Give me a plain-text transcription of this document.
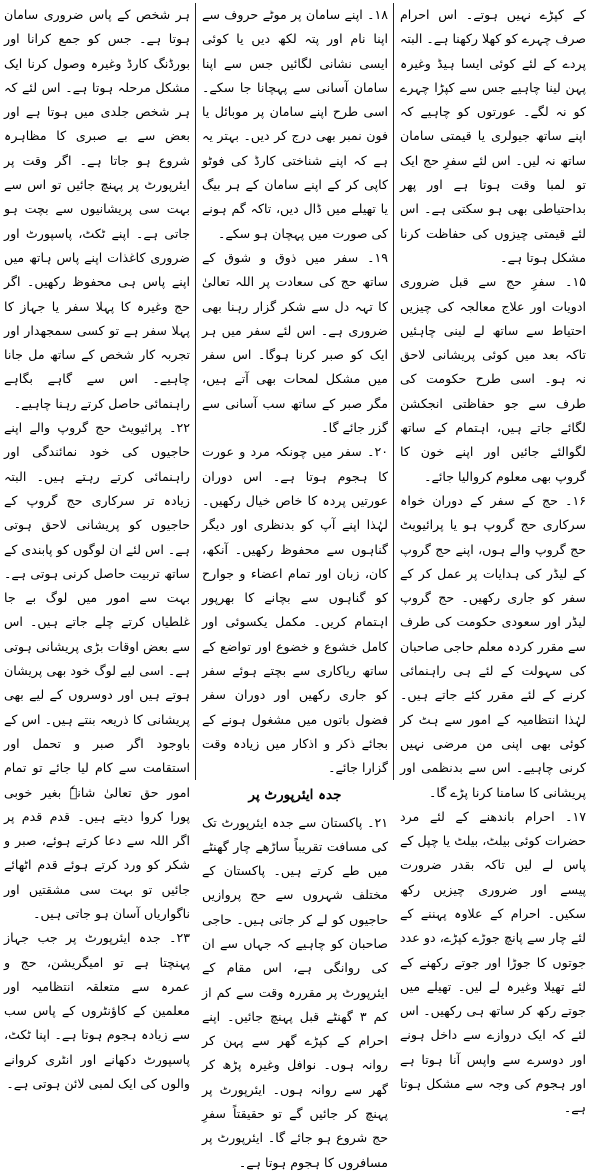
کے کپڑے نہیں ہوتے۔ اس احرام صرف چہرے کو کھلا رکھنا ہے۔ البتہ پردے کے لئے کوئی ایسا ہیڈ وغیرہ پہن لینا چاہیے جس سے کپڑا چہرے کو نہ لگے۔ عورتوں کو چاہیے کہ اپنے ساتھ جیولری یا قیمتی سامان ساتھ نہ لیں۔ اس لئے سفرِ حج ایک تو لمبا وقت ہوتا ہے اور پھر بداحتیاطی بھی ہو سکتی ہے۔ اس لئے قیمتی چیزوں کی حفاظت کرنا مشکل ہوتا ہے۔

۱۵۔ سفرِ حج سے قبل ضروری ادویات اور علاج معالجہ کی چیزیں احتیاط سے ساتھ لے لینی چاہئیں تاکہ بعد میں کوئی پریشانی لاحق نہ ہو۔ اسی طرح حکومت کی طرف سے جو حفاظتی انجکشن لگائے جاتے ہیں، اہتمام کے ساتھ لگوالئے جائیں اور اپنے خون کا گروپ بھی معلوم کروالیا جائے۔

۱۶۔ حج کے سفر کے دوران خواہ سرکاری حج گروپ ہو یا پرائیویٹ حج گروپ والے ہوں، اپنے حج گروپ کے لیڈر کی ہدایات پر عمل کر کے سفر کو جاری رکھیں۔ حج گروپ لیڈر اور سعودی حکومت کی طرف سے مقرر کردہ معلم حاجی صاحبان کی سہولت کے لئے ہی راہنمائی کرنے کے لئے مقرر کئے جاتے ہیں۔ لہٰذا انتظامیہ کے امور سے ہٹ کر کوئی بھی اپنی من مرضی نہیں کرنی چاہیے۔ اس سے بدنظمی اور پریشانی کا سامنا کرنا پڑے گا۔

۱۷۔ احرام باندھنے کے لئے مرد حضرات کوئی بیلٹ، بیلٹ یا چپل کے پاس لے لیں تاکہ بقدر ضرورت پیسے اور ضروری چیزیں رکھ سکیں۔ احرام کے علاوہ پہننے کے لئے چار سے پانچ جوڑے کپڑے، دو عدد جوتوں کا جوڑا اور جوتے رکھنے کے لئے تھیلا وغیرہ لے لیں۔ تھیلے میں جوتے رکھ کر ساتھ ہی رکھیں۔ اس لئے کہ ایک دروازے سے داخل ہونے اور دوسرے سے واپس آنا ہوتا ہے اور ہجوم کی وجہ سے مشکل ہوتا ہے۔

۱۸۔ اپنے سامان پر موٹے حروف سے اپنا نام اور پتہ لکھ دیں یا کوئی ایسی نشانی لگائیں جس سے اپنا سامان آسانی سے پہچانا جا سکے۔ اسی طرح اپنے سامان پر موبائل یا فون نمبر بھی درج کر دیں۔ بہتر یہ ہے کہ اپنے شناختی کارڈ کی فوٹو کاپی کر کے اپنے سامان کے ہر بیگ یا تھیلے میں ڈال دیں، تاکہ گم ہونے کی صورت میں پہچان ہو سکے۔

۱۹۔ سفر میں ذوق و شوق کے ساتھ حج کی سعادت پر اللہ تعالیٰ کا تہہ دل سے شکر گزار رہنا بھی ضروری ہے۔ اس لئے سفر میں ہر ایک کو صبر کرنا ہوگا۔ اس سفر میں مشکل لمحات بھی آتے ہیں، مگر صبر کے ساتھ سب آسانی سے گزر جائے گا۔

۲۰۔ سفر میں چونکہ مرد و عورت کا ہجوم ہوتا ہے۔ اس دوران عورتیں پردہ کا خاص خیال رکھیں۔ لہٰذا اپنے آپ کو بدنظری اور دیگر گناہوں سے محفوظ رکھیں۔ آنکھ، کان، زبان اور تمام اعضاء و جوارح کو گناہوں سے بچانے کا بھرپور اہتمام کریں۔ مکمل یکسوئی اور کامل خشوع و خضوع اور تواضع کے ساتھ ریاکاری سے بچتے ہوئے سفر کو جاری رکھیں اور دوران سفر فضول باتوں میں مشغول ہونے کے بجائے ذکر و اذکار میں زیادہ وقت گزارا جائے۔

جدہ ایئرپورٹ پر

۲۱۔ پاکستان سے جدہ ایئرپورٹ تک کی مسافت تقریباً ساڑھے چار گھنٹے میں طے کرتے ہیں۔ پاکستان کے مختلف شہروں سے حج پروازیں حاجیوں کو لے کر جاتی ہیں۔ حاجی صاحبان کو چاہیے کہ جہاں سے ان کی روانگی ہے، اس مقام کے ایئرپورٹ پر مقررہ وقت سے کم از کم ۳ گھنٹے قبل پہنچ جائیں۔ اپنے احرام کے کپڑے گھر سے پہن کر روانہ ہوں۔ نوافل وغیرہ پڑھ کر گھر سے روانہ ہوں۔ ایئرپورٹ پر پہنچ کر جائیں گے تو حقیقتاً سفرِ حج شروع ہو جائے گا۔ ایئرپورٹ پر مسافروں کا ہجوم ہوتا ہے۔

ہر شخص کے پاس ضروری سامان ہوتا ہے۔ جس کو جمع کرانا اور بورڈنگ کارڈ وغیرہ وصول کرنا ایک مشکل مرحلہ ہوتا ہے۔ اس لئے کہ ہر شخص جلدی میں ہوتا ہے اور بعض سے بے صبری کا مظاہرہ شروع ہو جاتا ہے۔ اگر وقت پر ایئرپورٹ پر پہنچ جائیں تو اس سے بہت سی پریشانیوں سے بچت ہو جاتی ہے۔ اپنے ٹکٹ، پاسپورٹ اور ضروری کاغذات اپنے پاس ہاتھ میں اپنے پاس ہی محفوظ رکھیں۔ اگر حج وغیرہ کا پہلا سفر یا جہاز کا پہلا سفر ہے تو کسی سمجھدار اور تجربہ کار شخص کے ساتھ مل جانا چاہیے۔ اس سے گاہے بگاہے راہنمائی حاصل کرتے رہنا چاہیے۔

۲۲۔ پرائیویٹ حج گروپ والے اپنے حاجیوں کی خود نمائندگی اور راہنمائی کرتے رہتے ہیں۔ البتہ زیادہ تر سرکاری حج گروپ کے حاجیوں کو پریشانی لاحق ہوتی ہے۔ اس لئے ان لوگوں کو پابندی کے ساتھ تربیت حاصل کرنی ہوتی ہے۔ بہت سے امور میں لوگ بے جا غلطیاں کرتے چلے جاتے ہیں۔ اس سے بعض اوقات بڑی پریشانی ہوتی ہے۔ اسی لیے لوگ خود بھی پریشان ہوتے ہیں اور دوسروں کے لیے بھی پریشانی کا ذریعہ بنتے ہیں۔ اس کے باوجود اگر صبر و تحمل اور استقامت سے کام لیا جائے تو تمام امور حق تعالیٰ شانہٗ بغیر خوبی پورا کروا دیتے ہیں۔ قدم قدم پر اگر اللہ سے دعا کرتے ہوئے، صبر و شکر کو ورد کرتے ہوئے قدم اٹھائے جائیں تو بہت سی مشقتیں اور ناگواریاں آسان ہو جاتی ہیں۔

۲۳۔ جدہ ایئرپورٹ پر جب جہاز پہنچتا ہے تو امیگریشن، حج و عمرہ سے متعلقہ انتظامیہ اور معلمین کے کاؤنٹروں کے پاس سب سے زیادہ ہجوم ہوتا ہے۔ اپنا ٹکٹ، پاسپورٹ دکھانے اور انٹری کروانے والوں کی ایک لمبی لائن ہوتی ہے۔
